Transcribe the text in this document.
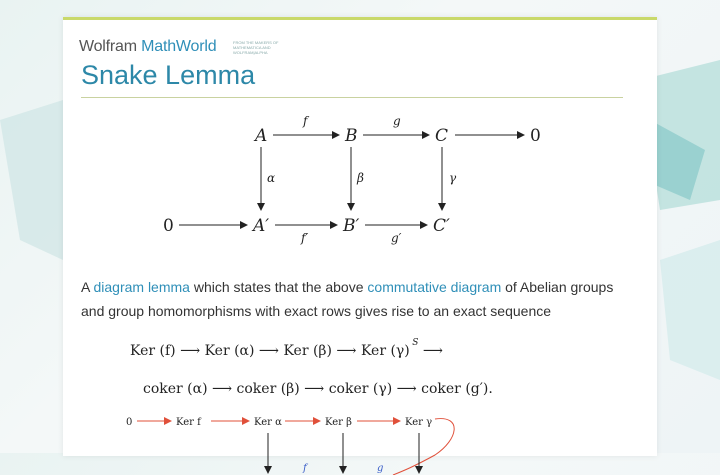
Wolfram MathWorld	FROM THE MAKERS OF MATHEMATICA AND WOLFRAM|ALPHA
Snake Lemma
A	B	C	0
0	A′	B′	C′
f	g
f′	g′
α	β	γ
A diagram lemma which states that the above commutative diagram of Abelian groups and group homomorphisms with exact rows gives rise to an exact sequence
Ker (f) ⟶ Ker (α) ⟶ Ker (β) ⟶ Ker (γ) $^S$ ⟶
coker (α) ⟶ coker (β) ⟶ coker (γ) ⟶ coker (g′).
0	Ker f	Ker α	Ker β	Ker γ
f	g
